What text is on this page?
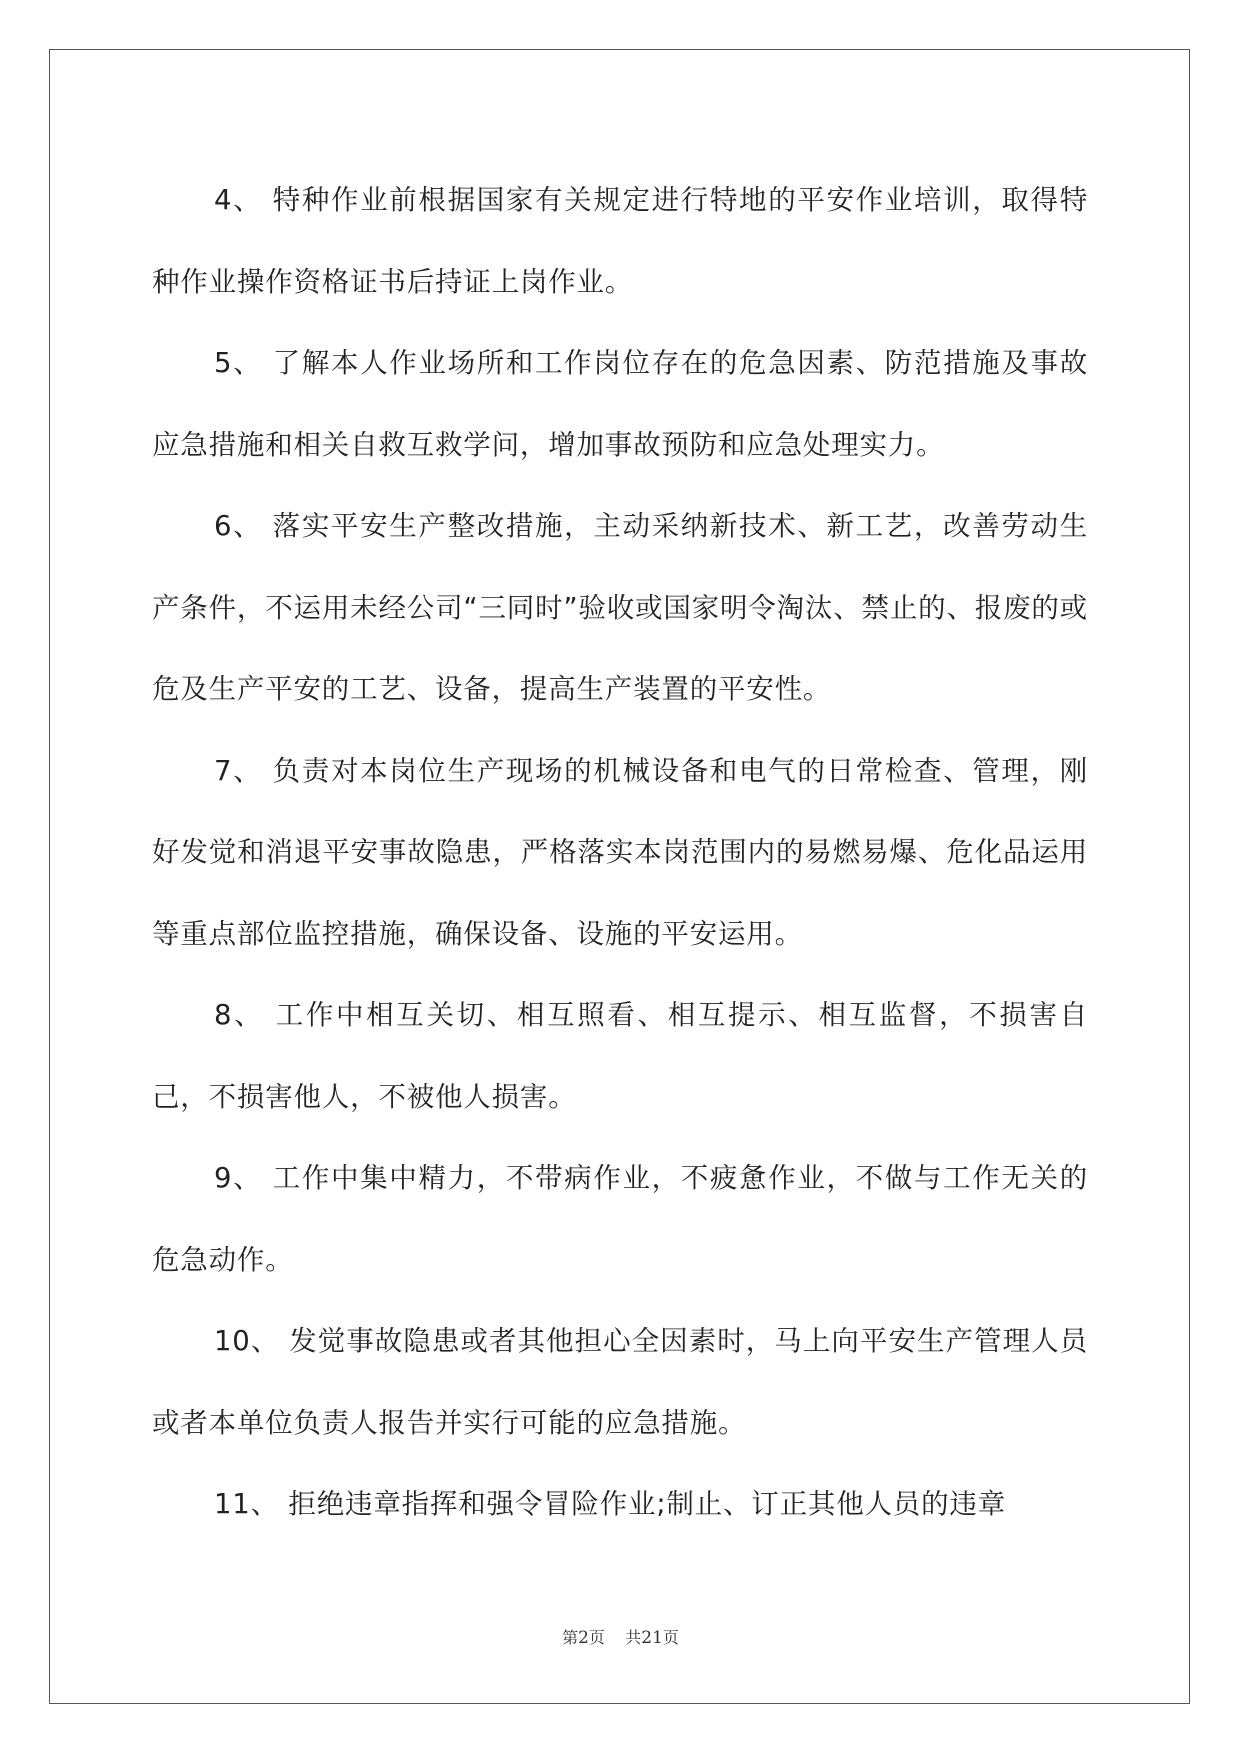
4、 特种作业前根据国家有关规定进行特地的平安作业培训，取得特种作业操作资格证书后持证上岗作业。

5、 了解本人作业场所和工作岗位存在的危急因素、防范措施及事故应急措施和相关自救互救学问，增加事故预防和应急处理实力。

6、 落实平安生产整改措施，主动采纳新技术、新工艺，改善劳动生产条件，不运用未经公司“三同时”验收或国家明令淘汰、禁止的、报废的或危及生产平安的工艺、设备，提高生产装置的平安性。

7、 负责对本岗位生产现场的机械设备和电气的日常检查、管理，刚好发觉和消退平安事故隐患，严格落实本岗范围内的易燃易爆、危化品运用等重点部位监控措施，确保设备、设施的平安运用。

8、 工作中相互关切、相互照看、相互提示、相互监督，不损害自己，不损害他人，不被他人损害。

9、 工作中集中精力，不带病作业，不疲惫作业，不做与工作无关的危急动作。

10、 发觉事故隐患或者其他担心全因素时，马上向平安生产管理人员或者本单位负责人报告并实行可能的应急措施。

11、 拒绝违章指挥和强令冒险作业;制止、订正其他人员的违章

第2页 共21页
